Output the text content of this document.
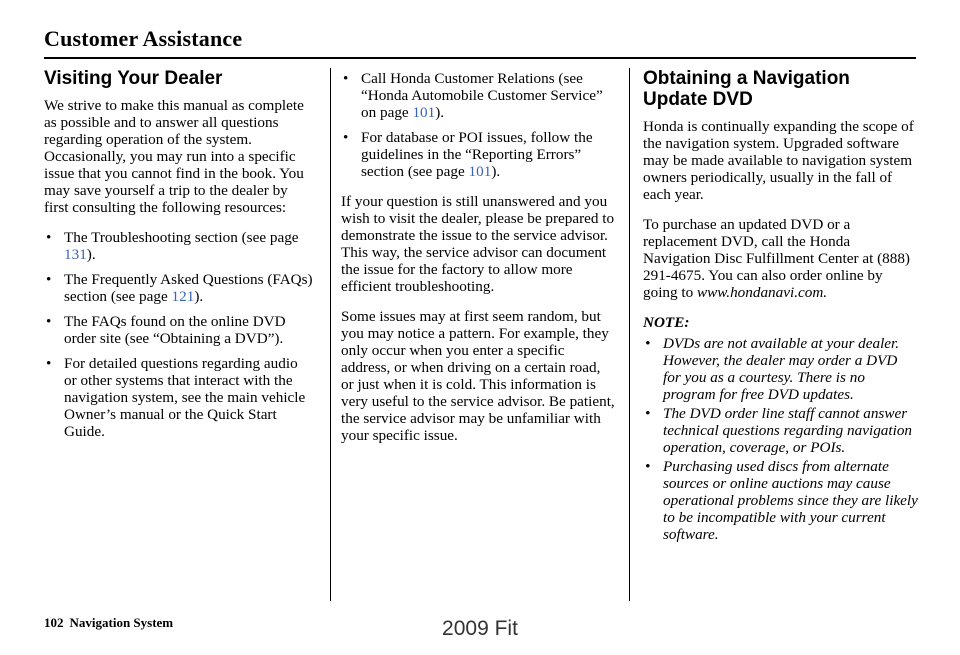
Customer Assistance
Visiting Your Dealer

We strive to make this manual as complete as possible and to answer all questions regarding operation of the system. Occasionally, you may run into a specific issue that you cannot find in the book. You may save yourself a trip to the dealer by first consulting the following resources:

• The Troubleshooting section (see page 131).
• The Frequently Asked Questions (FAQs) section (see page 121).
• The FAQs found on the online DVD order site (see “Obtaining a DVD”).
• For detailed questions regarding audio or other systems that interact with the navigation system, see the main vehicle Owner’s manual or the Quick Start Guide.
• Call Honda Customer Relations (see “Honda Automobile Customer Service” on page 101).
• For database or POI issues, follow the guidelines in the “Reporting Errors” section (see page 101).

If your question is still unanswered and you wish to visit the dealer, please be prepared to demonstrate the issue to the service advisor. This way, the service advisor can document the issue for the factory to allow more efficient troubleshooting.

Some issues may at first seem random, but you may notice a pattern. For example, they only occur when you enter a specific address, or when driving on a certain road, or just when it is cold. This information is very useful to the service advisor. Be patient, the service advisor may be unfamiliar with your specific issue.

Obtaining a Navigation Update DVD

Honda is continually expanding the scope of the navigation system. Upgraded software may be made available to navigation system owners periodically, usually in the fall of each year.

To purchase an updated DVD or a replacement DVD, call the Honda Navigation Disc Fulfillment Center at (888) 291-4675. You can also order online by going to www.hondanavi.com.

NOTE:
• DVDs are not available at your dealer. However, the dealer may order a DVD for you as a courtesy. There is no program for free DVD updates.
• The DVD order line staff cannot answer technical questions regarding navigation operation, coverage, or POIs.
• Purchasing used discs from alternate sources or online auctions may cause operational problems since they are likely to be incompatible with your current software.
102 Navigation System	2009 Fit
